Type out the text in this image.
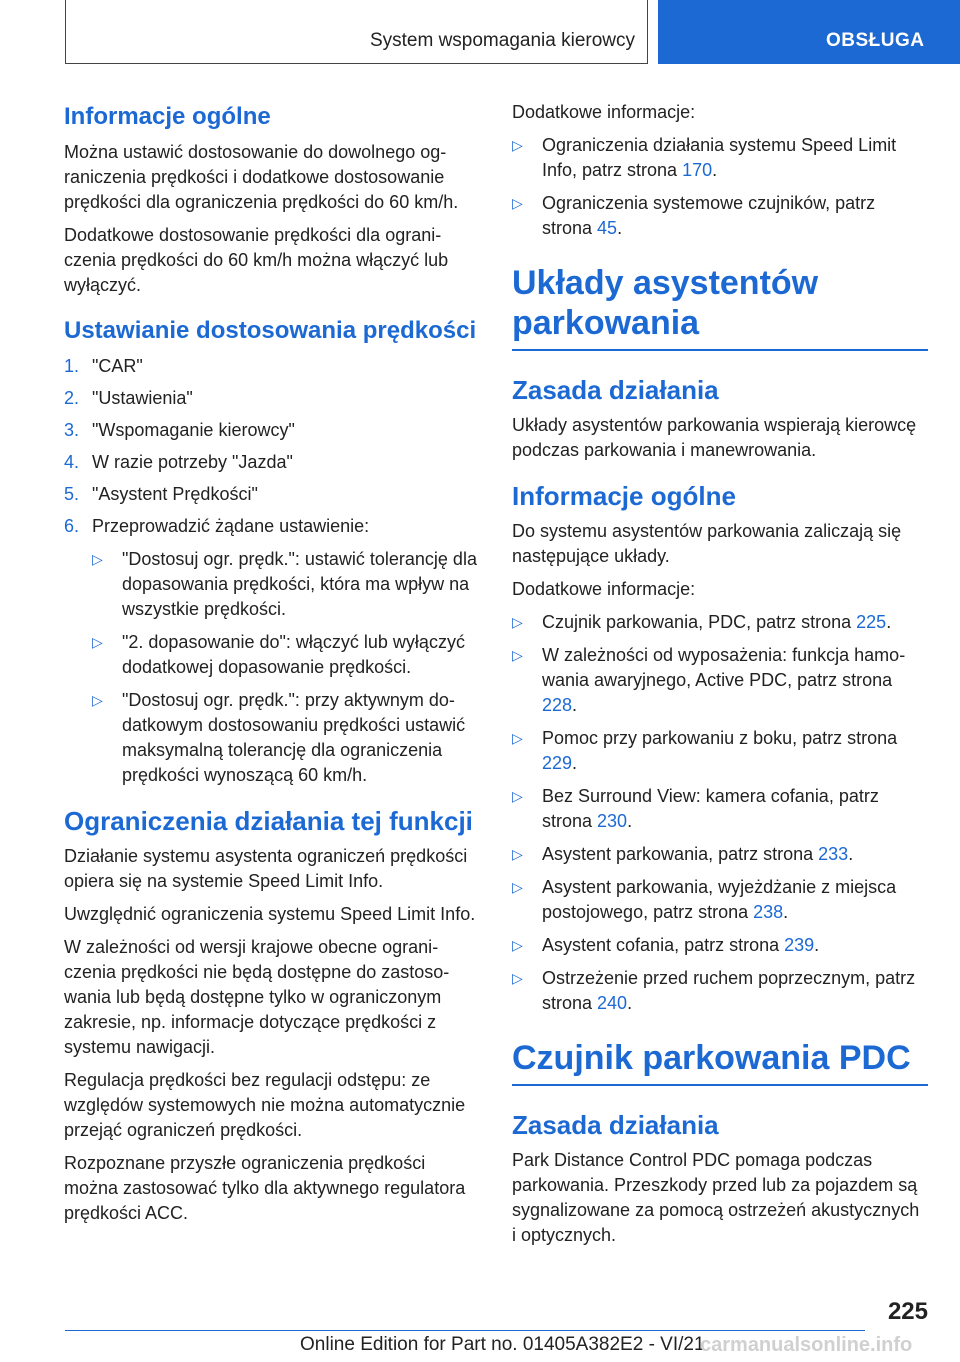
System wspomagania kierowcy	OBSŁUGA
Informacje ogólne

Można ustawić dostosowanie do dowolnego ograniczenia prędkości i dodatkowe dostosowanie prędkości dla ograniczenia prędkości do 60 km/h.

Dodatkowe dostosowanie prędkości dla ograniczenia prędkości do 60 km/h można włączyć lub wyłączyć.

Ustawianie dostosowania prędkości
1. "CAR"
2. "Ustawienia"
3. "Wspomaganie kierowcy"
4. W razie potrzeby "Jazda"
5. "Asystent Prędkości"
6. Przeprowadzić żądane ustawienie:
▷ "Dostosuj ogr. prędk.": ustawić tolerancję dla dopasowania prędkości, która ma wpływ na wszystkie prędkości.
▷ "2. dopasowanie do": włączyć lub wyłączyć dodatkowej dopasowanie prędkości.
▷ "Dostosuj ogr. prędk.": przy aktywnym dodatkowym dostosowaniu prędkości ustawić maksymalną tolerancję dla ograniczenia prędkości wynoszącą 60 km/h.
Ograniczenia działania tej funkcji

Działanie systemu asystenta ograniczeń prędkości opiera się na systemie Speed Limit Info.

Uwzględnić ograniczenia systemu Speed Limit Info.

W zależności od wersji krajowe obecne ograniczenia prędkości nie będą dostępne do zastosowania lub będą dostępne tylko w ograniczonym zakresie, np. informacje dotyczące prędkości z systemu nawigacji.

Regulacja prędkości bez regulacji odstępu: ze względów systemowych nie można automatycznie przejąć ograniczeń prędkości.

Rozpoznane przyszłe ograniczenia prędkości można zastosować tylko dla aktywnego regulatora prędkości ACC.

Dodatkowe informacje:

▷ Ograniczenia działania systemu Speed Limit Info, patrz strona 170.
▷ Ograniczenia systemowe czujników, patrz strona 45.
Układy asystentów parkowania
Zasada działania

Układy asystentów parkowania wspierają kierowcę podczas parkowania i manewrowania.

Informacje ogólne

Do systemu asystentów parkowania zaliczają się następujące układy.

Dodatkowe informacje:

▷ Czujnik parkowania, PDC, patrz strona 225.
▷ W zależności od wyposażenia: funkcja hamowania awaryjnego, Active PDC, patrz strona 228.
▷ Pomoc przy parkowaniu z boku, patrz strona 229.
▷ Bez Surround View: kamera cofania, patrz strona 230.
▷ Asystent parkowania, patrz strona 233.
▷ Asystent parkowania, wyjeżdżanie z miejsca postojowego, patrz strona 238.
▷ Asystent cofania, patrz strona 239.
▷ Ostrzeżenie przed ruchem poprzecznym, patrz strona 240.
Czujnik parkowania PDC
Zasada działania

Park Distance Control PDC pomaga podczas parkowania. Przeszkody przed lub za pojazdem są sygnalizowane za pomocą ostrzeżeń akustycznych i optycznych.

225
Online Edition for Part no. 01405A382E2 - VI/21
carmanualsonline.info
